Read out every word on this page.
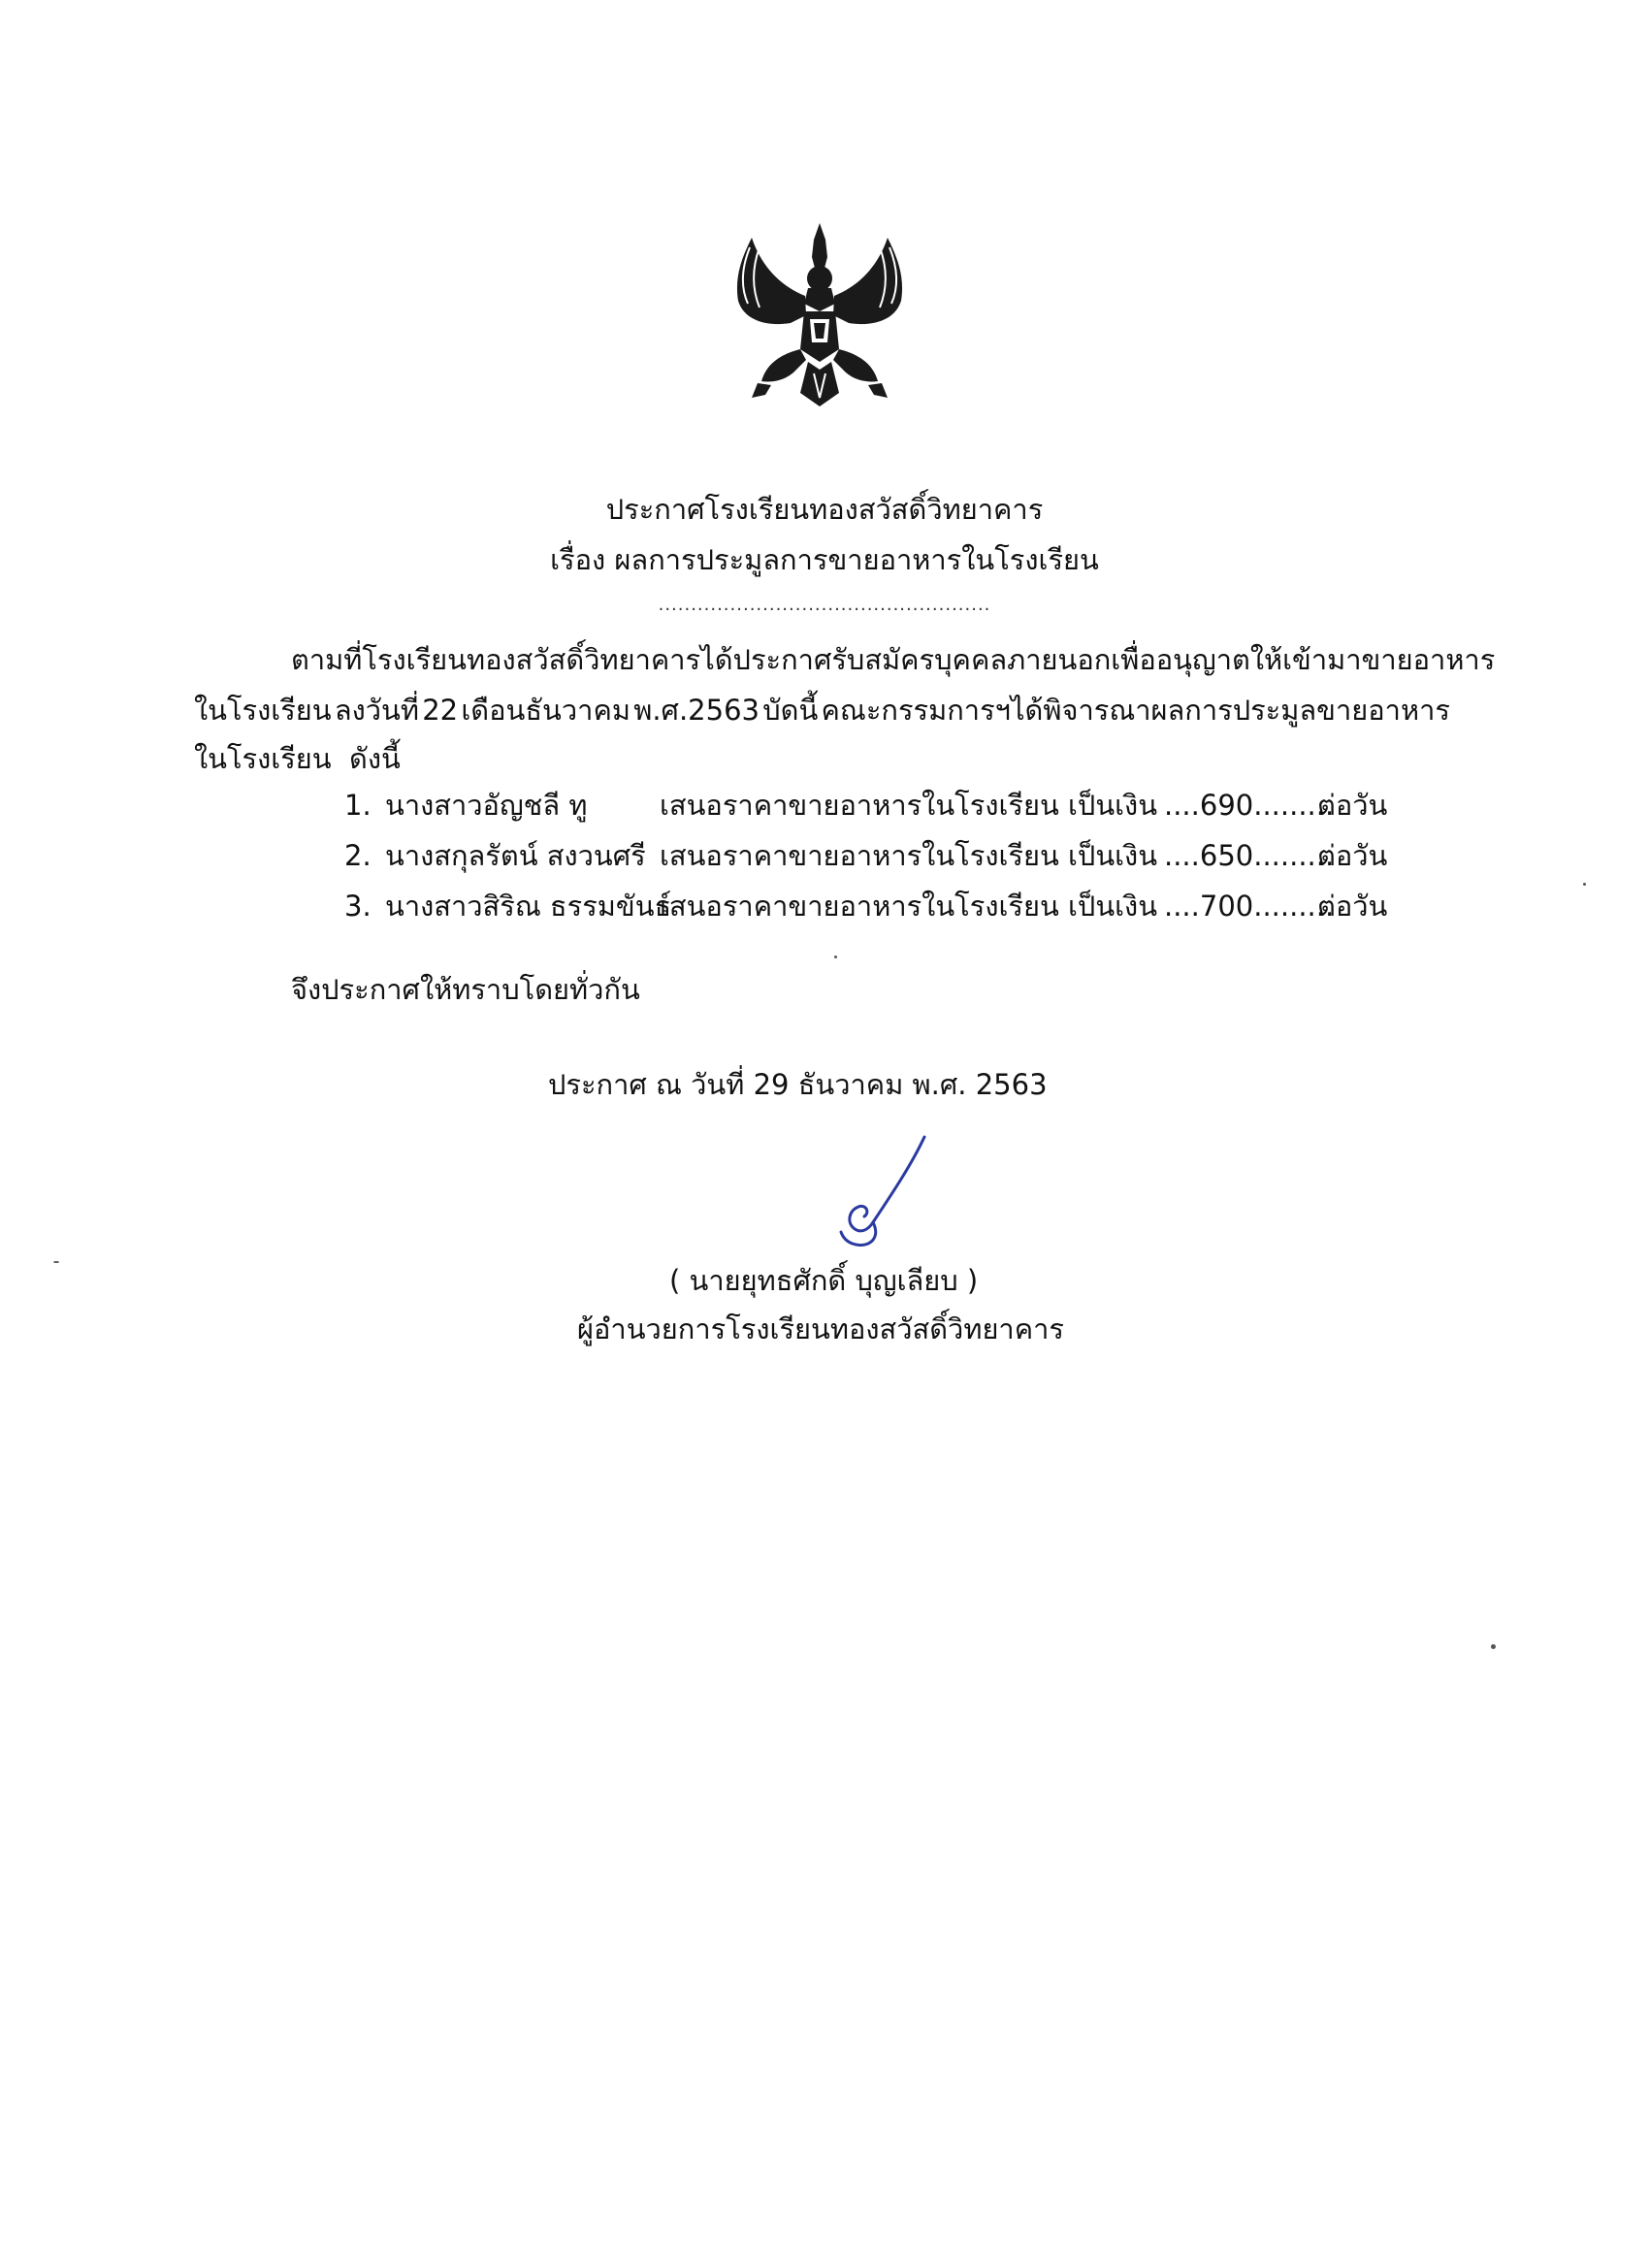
ประกาศโรงเรียนทองสวัสดิ์วิทยาคาร
เรื่อง ผลการประมูลการขายอาหารในโรงเรียน
...................................................
ตามที่โรงเรียนทองสวัสดิ์วิทยาคาร ได้ประกาศรับสมัครบุคคลภายนอกเพื่ออนุญาตให้เข้ามาขายอาหาร
ในโรงเรียน ลงวันที่ 22 เดือนธันวาคม พ.ศ.2563 บัดนี้ คณะกรรมการฯได้พิจารณาผลการประมูลขายอาหาร
ในโรงเรียน ดังนี้
1. นางสาวอัญชลี ทู	เสนอราคาขายอาหารในโรงเรียน เป็นเงิน ....690.........
ต่อวัน
2. นางสกุลรัตน์ สงวนศรี เสนอราคาขายอาหารในโรงเรียน เป็นเงิน ....650.........
ต่อวัน
3. นางสาวสิริณ ธรรมขันธ์
เสนอราคาขายอาหารในโรงเรียน เป็นเงิน ....700.........
ต่อวัน
จึงประกาศให้ทราบโดยทั่วกัน
ประกาศ ณ วันที่ 29 ธันวาคม พ.ศ. 2563
( นายยุทธศักดิ์ บุญเลียบ )
ผู้อำนวยการโรงเรียนทองสวัสดิ์วิทยาคาร
